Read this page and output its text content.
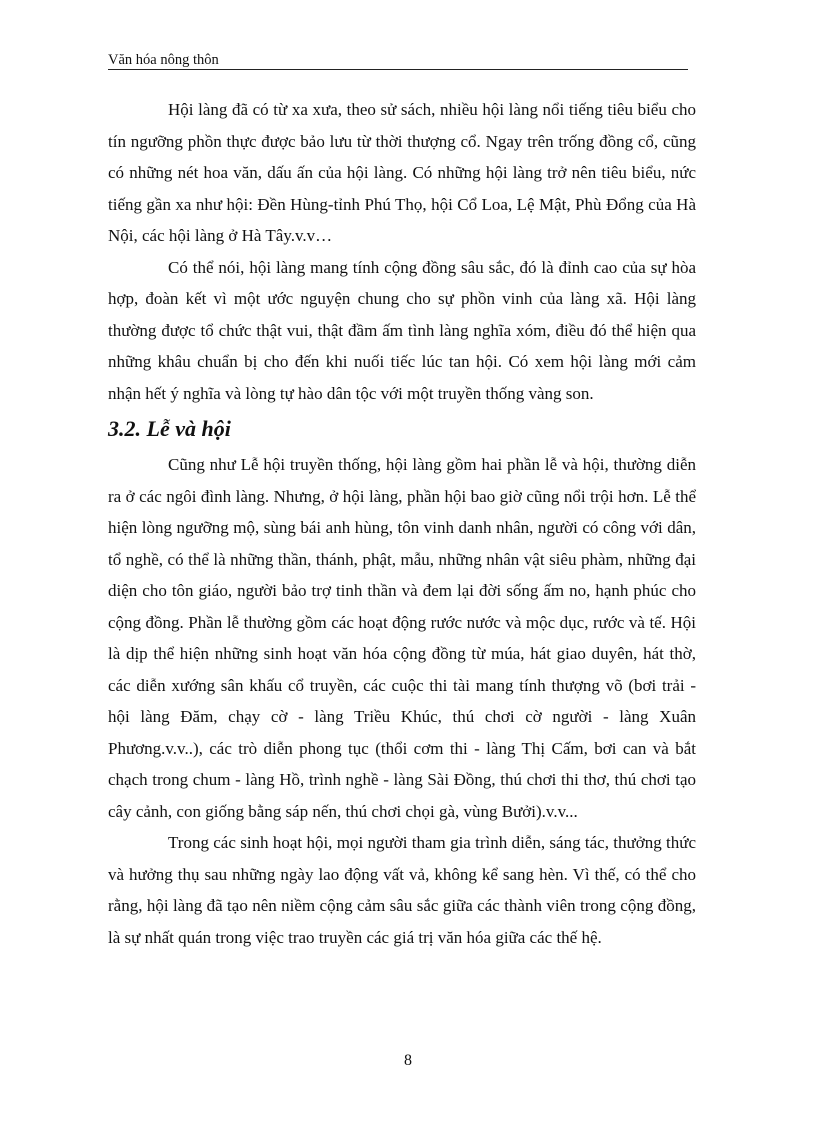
Văn hóa nông thôn

Hội làng đã có từ xa xưa, theo sử sách, nhiều hội làng nổi tiếng tiêu biểu cho tín ngưỡng phồn thực được bảo lưu từ thời thượng cổ. Ngay trên trống đồng cổ, cũng có những nét hoa văn, dấu ấn của hội làng. Có những hội làng trở nên tiêu biểu, nức tiếng gần xa như hội: Đền Hùng-tỉnh Phú Thọ, hội Cổ Loa, Lệ Mật, Phù Đổng của Hà Nội, các hội làng ở Hà Tây.v.v…

Có thể nói, hội làng mang tính cộng đồng sâu sắc, đó là đỉnh cao của sự hòa hợp, đoàn kết vì một ước nguyện chung cho sự phồn vinh của làng xã. Hội làng thường được tổ chức thật vui, thật đầm ấm tình làng nghĩa xóm, điều đó thể hiện qua những khâu chuẩn bị cho đến khi nuối tiếc lúc tan hội. Có xem hội làng mới cảm nhận hết ý nghĩa và lòng tự hào dân tộc với một truyền thống vàng son.

3.2. Lễ và hội

Cũng như Lễ hội truyền thống, hội làng gồm hai phần lễ và hội, thường diễn ra ở các ngôi đình làng. Nhưng, ở hội làng, phần hội bao giờ cũng nổi trội hơn. Lễ thể hiện lòng ngưỡng mộ, sùng bái anh hùng, tôn vinh danh nhân, người có công với dân, tổ nghề, có thể là những thần, thánh, phật, mẫu, những nhân vật siêu phàm, những đại diện cho tôn giáo, người bảo trợ tinh thần và đem lại đời sống ấm no, hạnh phúc cho cộng đồng. Phần lễ thường gồm các hoạt động rước nước và mộc dục, rước và tế. Hội là dịp thể hiện những sinh hoạt văn hóa cộng đồng từ múa, hát giao duyên, hát thờ, các diễn xướng sân khấu cổ truyền, các cuộc thi tài mang tính thượng võ (bơi trải - hội làng Đăm, chạy cờ - làng Triều Khúc, thú chơi cờ người - làng Xuân Phương.v.v..), các trò diễn phong tục (thổi cơm thi - làng Thị Cấm, bơi can và bắt chạch trong chum - làng Hồ, trình nghề - làng Sài Đồng, thú chơi thi thơ, thú chơi tạo cây cảnh, con giống bằng sáp nến, thú chơi chọi gà, vùng Bưởi).v.v...

Trong các sinh hoạt hội, mọi người tham gia trình diễn, sáng tác, thưởng thức và hưởng thụ sau những ngày lao động vất vả, không kể sang hèn. Vì thế, có thể cho rằng, hội làng đã tạo nên niềm cộng cảm sâu sắc giữa các thành viên trong cộng đồng, là sự nhất quán trong việc trao truyền các giá trị văn hóa giữa các thế hệ.

8
